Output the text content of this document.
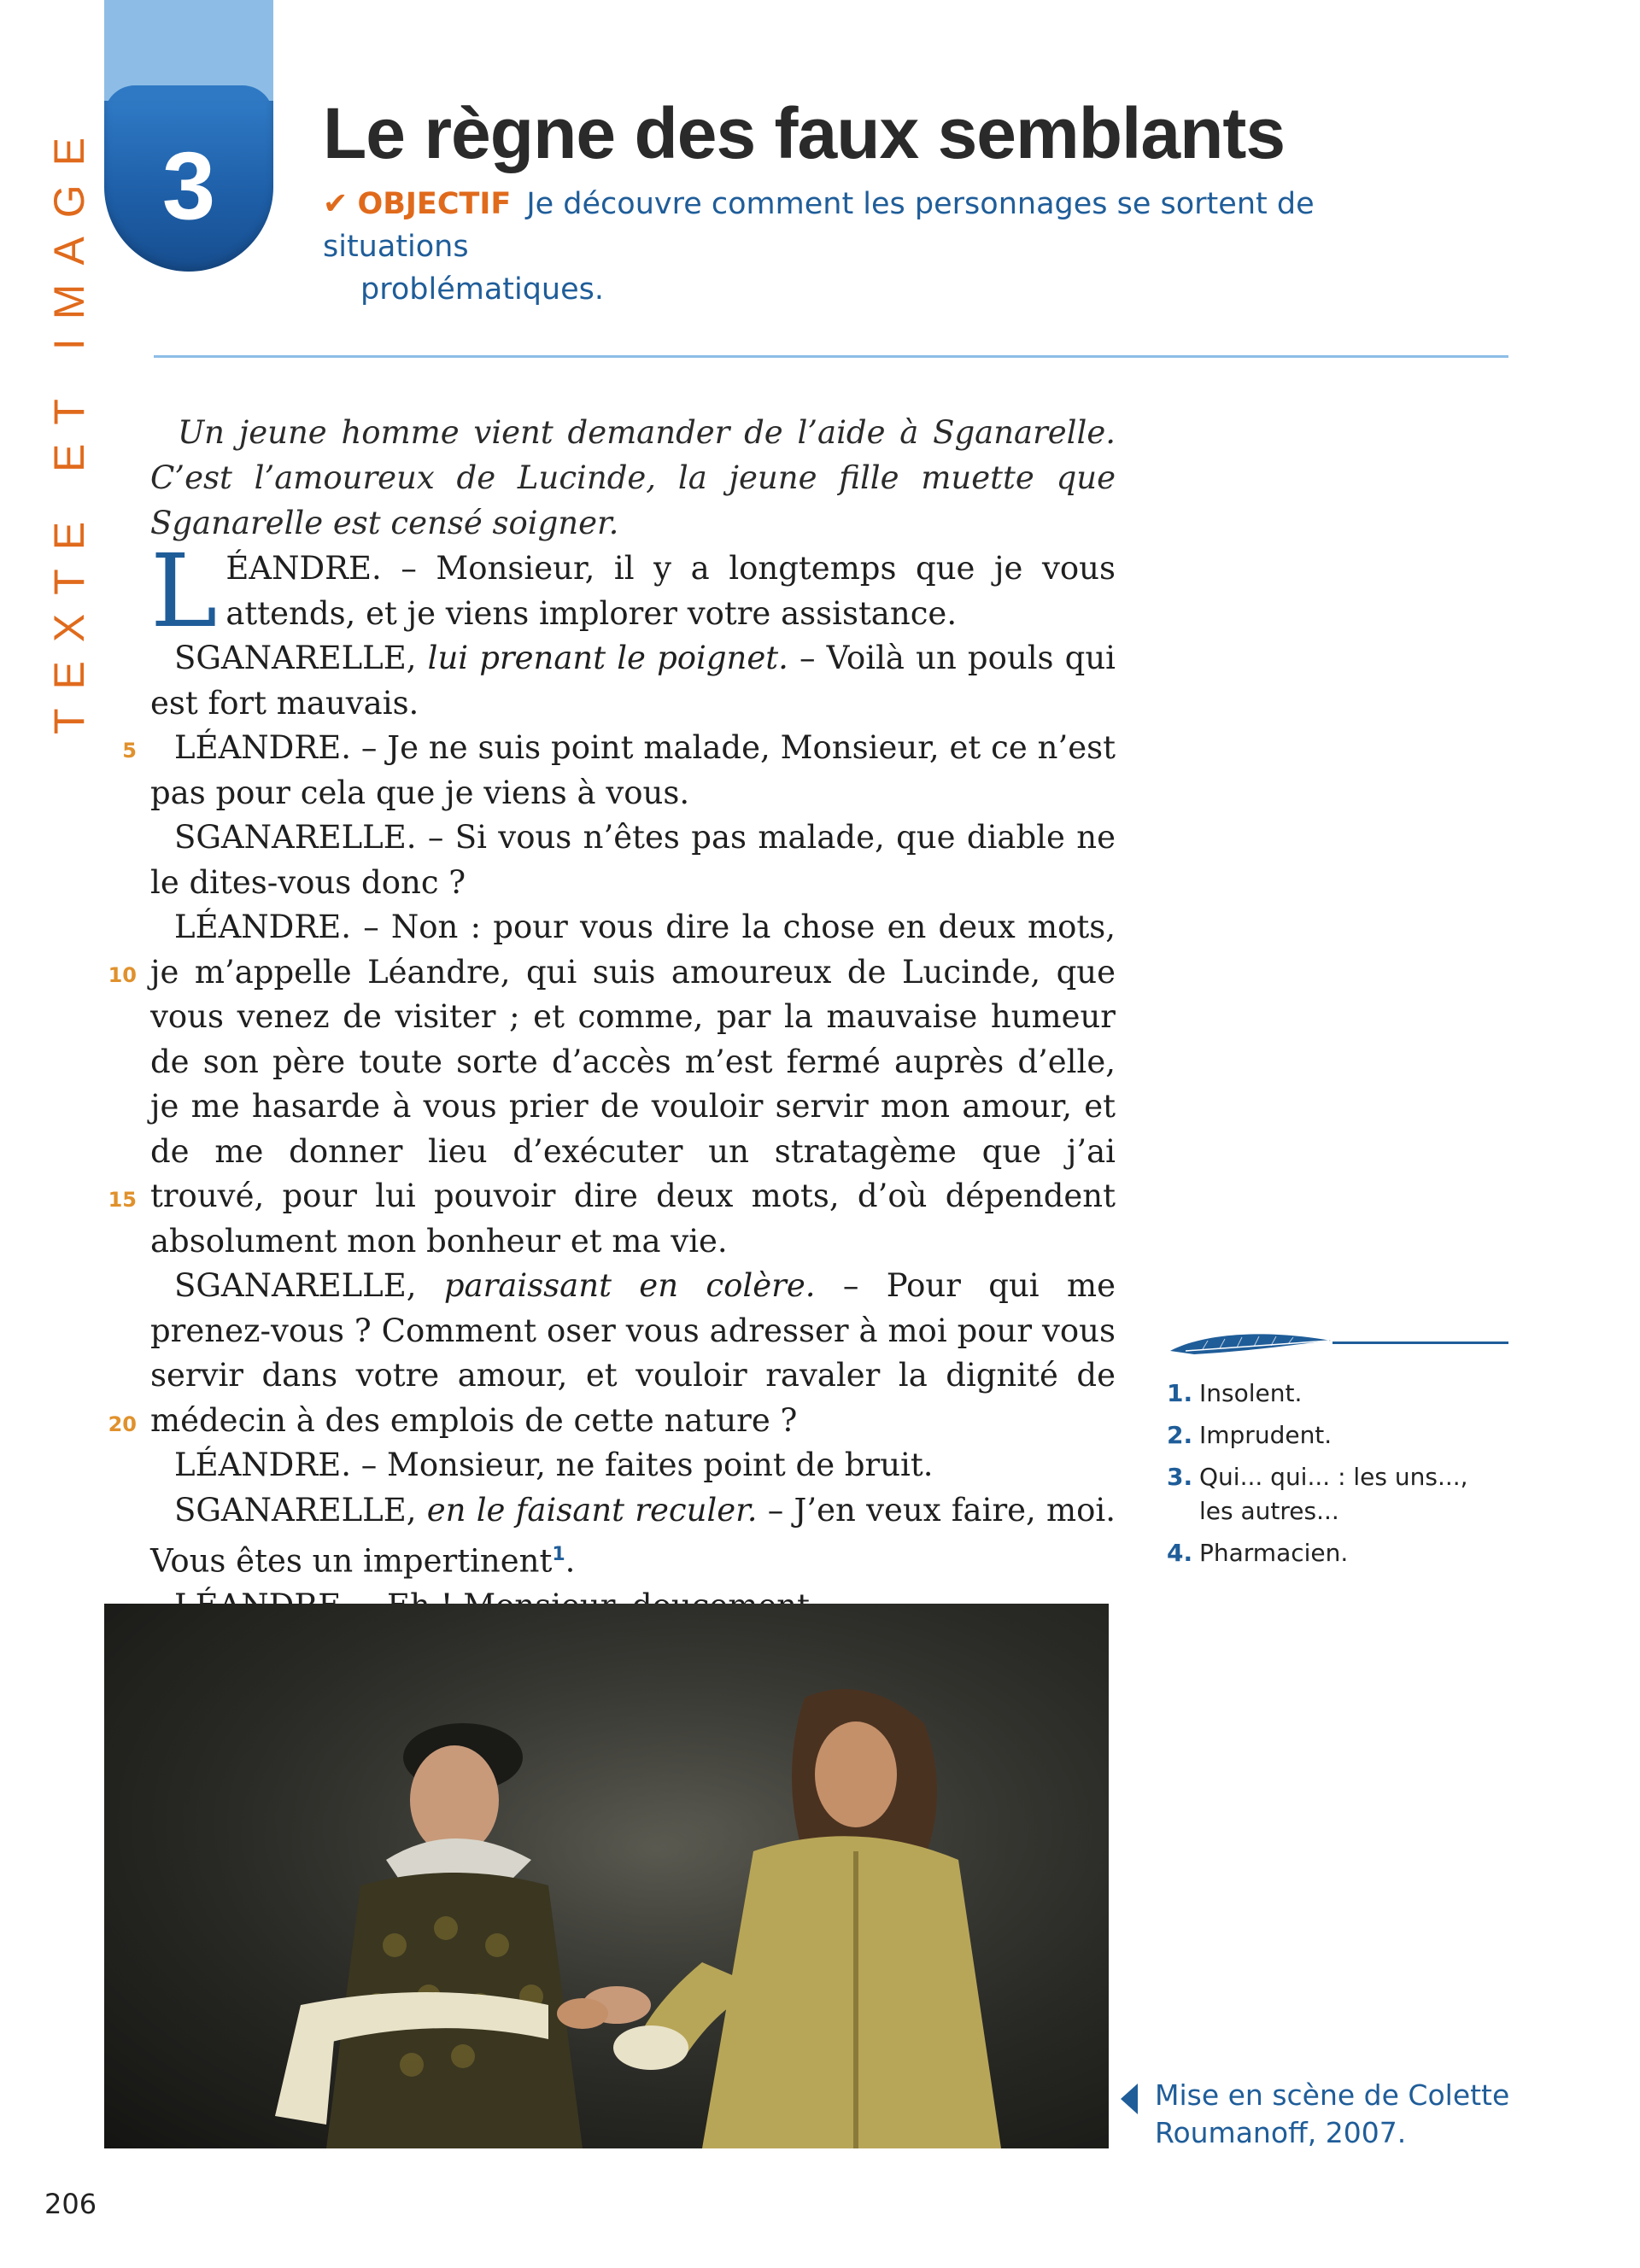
TEXTE ET IMAGE 3	Le règne des faux semblants
✔ OBJECTIF Je découvre comment les personnages se sortent de situations
problématiques.
Un jeune homme vient demander de l’aide à Sganarelle. C’est l’amoureux de Lucinde, la jeune fille muette que Sganarelle est censé soigner.

LÉANDRE. – Monsieur, il y a longtemps que je vous attends, et je viens implorer votre assistance.

SGANARELLE, lui prenant le poignet. – Voilà un pouls qui est fort mauvais.

LÉANDRE. – Je ne suis point malade, Monsieur, et ce n’est pas pour cela que je viens à vous.

SGANARELLE. – Si vous n’êtes pas malade, que diable ne le dites-vous donc ?

LÉANDRE. – Non : pour vous dire la chose en deux mots, je m’appelle Léandre, qui suis amoureux de Lucinde, que vous venez de visiter ; et comme, par la mauvaise humeur de son père toute sorte d’accès m’est fermé auprès d’elle, je me hasarde à vous prier de vouloir servir mon amour, et de me donner lieu d’exécuter un stratagème que j’ai trouvé, pour lui pouvoir dire deux mots, d’où dépendent absolument mon bonheur et ma vie.

SGANARELLE, paraissant en colère. – Pour qui me prenez-vous ? Comment oser vous adresser à moi pour vous servir dans votre amour, et vouloir ravaler la dignité de médecin à des emplois de cette nature ?

LÉANDRE. – Monsieur, ne faites point de bruit.

SGANARELLE, en le faisant reculer. – J’en veux faire, moi. Vous êtes un impertinent$^1$.

5
10
15
20
1. Insolent.
2. Imprudent.
3. Qui... qui... : les uns..., les autres...
4. Pharmacien.
Mise en scène de Colette Roumanoff, 2007.
206
